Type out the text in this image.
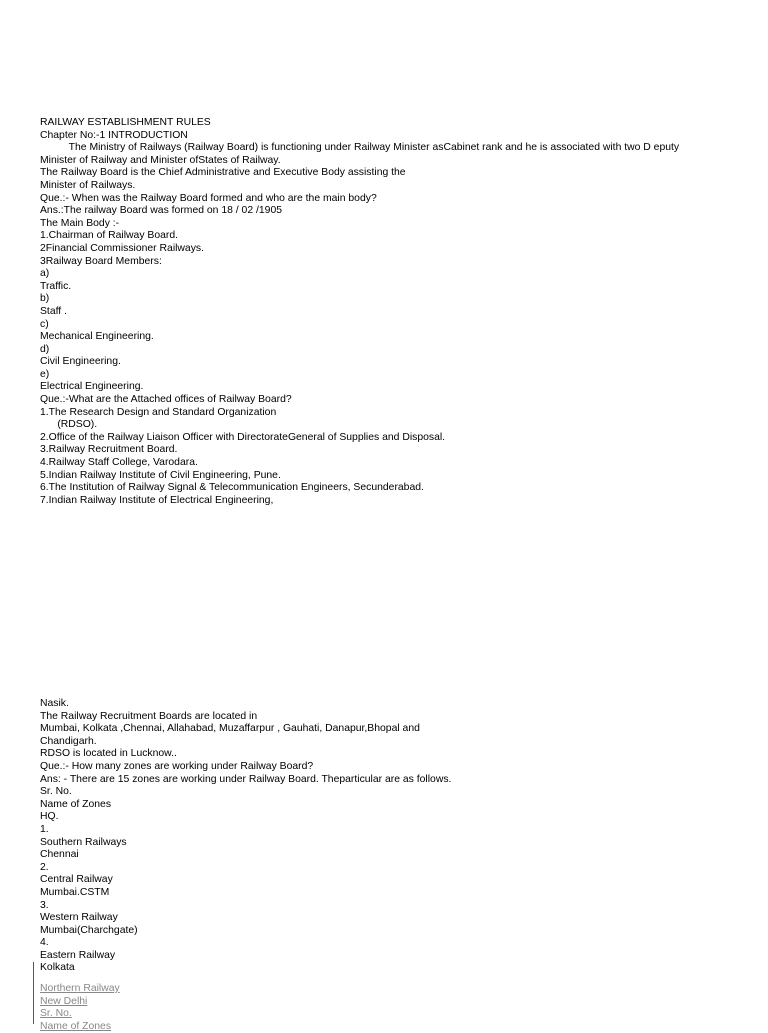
RAILWAY ESTABLISHMENT RULES
Chapter No:-1 INTRODUCTION
The Ministry of Railways (Railway Board) is functioning under Railway Minister asCabinet rank and he is associated with two D eputy
Minister of Railway and Minister ofStates of Railway.
The Railway Board is the Chief Administrative and Executive Body assisting the
Minister of Railways.
Que.:- When was the Railway Board formed and who are the main body?
Ans.:The railway Board was formed on 18 / 02 /1905
The Main Body :-
1.Chairman of Railway Board.
2Financial Commissioner Railways.
3Railway Board Members:
a)
Traffic.
b)
Staff .
c)
Mechanical Engineering.
d)
Civil Engineering.
e)
Electrical Engineering.
Que.:-What are the Attached offices of Railway Board?
1.The Research Design and Standard Organization
(RDSO).
2.Office of the Railway Liaison Officer with DirectorateGeneral of Supplies and Disposal.
3.Railway Recruitment Board.
4.Railway Staff College, Varodara.
5.Indian Railway Institute of Civil Engineering, Pune.
6.The Institution of Railway Signal & Telecommunication Engineers, Secunderabad.
7.Indian Railway Institute of Electrical Engineering,
Nasik.
The Railway Recruitment Boards are located in
Mumbai, Kolkata ,Chennai, Allahabad, Muzaffarpur , Gauhati, Danapur,Bhopal and
Chandigarh.
RDSO is located in Lucknow..
Que.:- How many zones are working under Railway Board?
Ans: - There are 15 zones are working under Railway Board. Theparticular are as follows.
Sr. No.
Name of Zones
HQ.
1.
Southern Railways
Chennai
2.
Central Railway
Mumbai.CSTM
3.
Western Railway
Mumbai(Charchgate)
4.
Eastern Railway
Kolkata
Northern Railway
New Delhi
Sr. No.
Name of Zones
